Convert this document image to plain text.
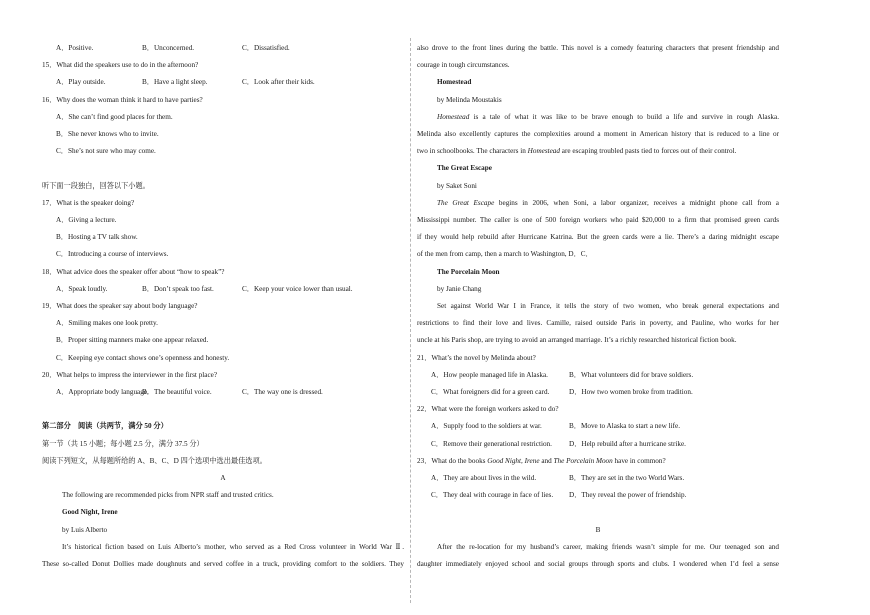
A．Positive.	B．Unconcerned.	C．Dissatisfied.
15．What did the speakers use to do in the afternoon?
A．Play outside.	B．Have a light sleep.	C．Look after their kids.
16．Why does the woman think it hard to have parties?
A．She can’t find good places for them.
B．She never knows who to invite.
C．She’s not sure who may come.
听下面一段独白，回答以下小题。
17．What is the speaker doing?
A．Giving a lecture.
B．Hosting a TV talk show.
C．Introducing a course of interviews.
18．What advice does the speaker offer about “how to speak”?
A．Speak loudly.	B．Don’t speak too fast.	C．Keep your voice lower than usual.
19．What does the speaker say about body language?
A．Smiling makes one look pretty.
B．Proper sitting manners make one appear relaxed.
C．Keeping eye contact shows one’s openness and honesty.
20．What helps to impress the interviewer in the first place?
A．Appropriate body language.
B．The beautiful voice.	C．The way one is dressed.
第二部分　阅读（共两节，满分 50 分）
第一节（共 15 小题；每小题 2.5 分，满分 37.5 分）
阅读下列短文，从每题所给的 A、B、C、D 四个选项中选出最佳选项。
A
The following are recommended picks from NPR staff and trusted critics.
Good Night, Irene
by Luis Alberto
It’s historical fiction based on Luis Alberto’s mother, who served as a Red Cross volunteer in World War Ⅱ.
These so-called Donut Dollies made doughnuts and served coffee in a truck, providing comfort to the soldiers. They
also drove to the front lines during the battle. This novel is a comedy featuring characters that present friendship and
courage in tough circumstances.
Homestead
by Melinda Moustakis
Homestead is a tale of what it was like to be brave enough to build a life and survive in rough Alaska.
Melinda also excellently captures the complexities around a moment in American history that is reduced to a line or
two in schoolbooks. The characters in Homestead are escaping troubled pasts tied to forces out of their control.
The Great Escape
by Saket Soni
The Great Escape begins in 2006, when Soni, a labor organizer, receives a midnight phone call from a
Mississippi number. The caller is one of 500 foreign workers who paid $20,000 to a firm that promised green cards
if they would help rebuild after Hurricane Katrina. But the green cards were a lie. There’s a daring midnight escape
of the men from camp, then a march to Washington, D．C．
The Porcelain Moon
by Janie Chang
Set against World War I in France, it tells the story of two women, who break general expectations and
restrictions to find their love and lives. Camille, raised outside Paris in poverty, and Pauline, who works for her
uncle at his Paris shop, are trying to avoid an arranged marriage. It’s a richly researched historical fiction book.
21．What’s the novel by Melinda about?
A．How people managed life in Alaska.	B．What volunteers did for brave soldiers.
C．What foreigners did for a green card.	D．How two women broke from tradition.
22．What were the foreign workers asked to do?
A．Supply food to the soldiers at war.	B．Move to Alaska to start a new life.
C．Remove their generational restriction.	D．Help rebuild after a hurricane strike.
23．What do the books Good Night, Irene and The Porcelain Moon have in common?
A．They are about lives in the wild.	B．They are set in the two World Wars.
C．They deal with courage in face of lies.	D．They reveal the power of friendship.
B
After the re-location for my husband’s career, making friends wasn’t simple for me. Our teenaged son and
daughter immediately enjoyed school and social groups through sports and clubs. I wondered when I’d feel a sense
